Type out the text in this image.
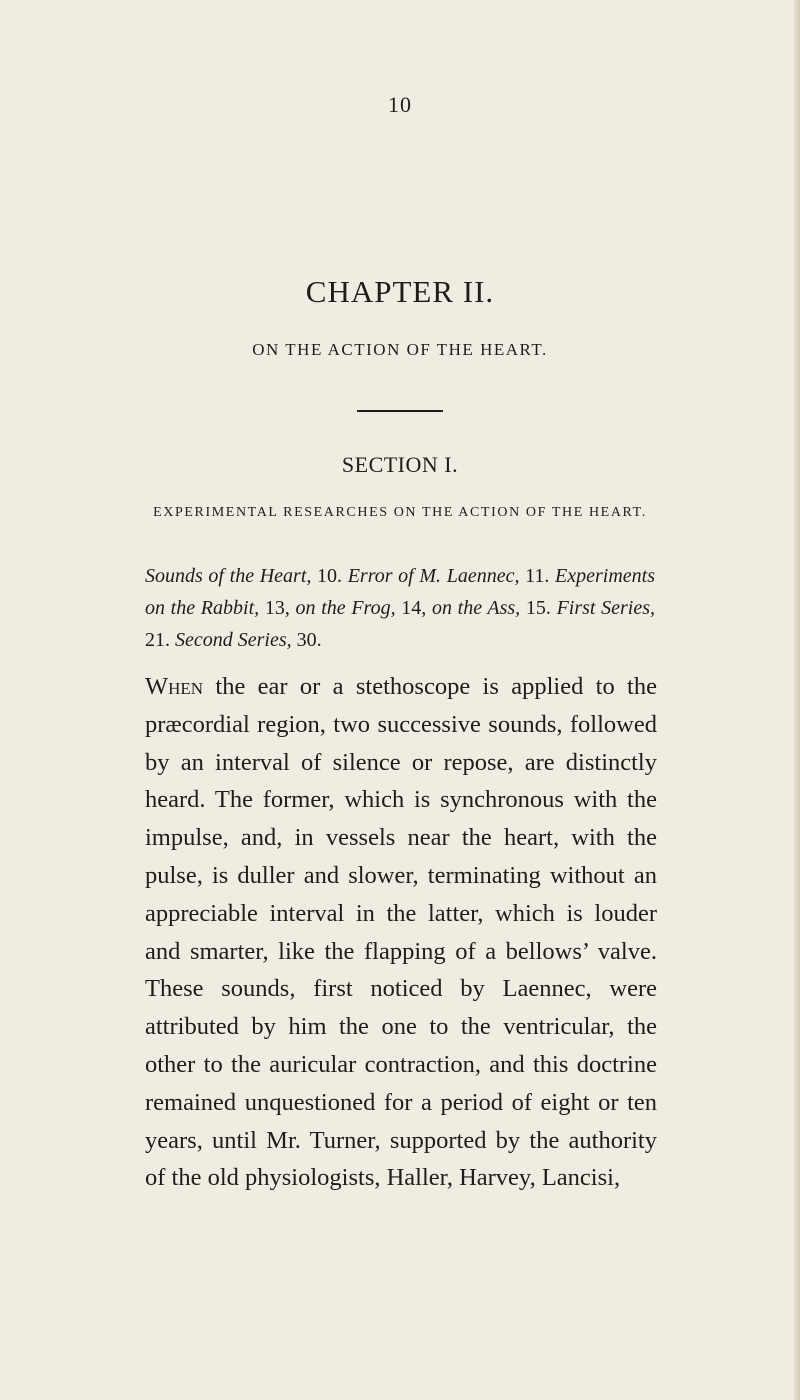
10
CHAPTER II.
ON THE ACTION OF THE HEART.
SECTION I.
EXPERIMENTAL RESEARCHES ON THE ACTION OF THE HEART.
Sounds of the Heart, 10. Error of M. Laennec, 11. Experiments on the Rabbit, 13, on the Frog, 14, on the Ass, 15. First Series, 21. Second Series, 30.
When the ear or a stethoscope is applied to the præcordial region, two successive sounds, followed by an interval of silence or repose, are distinctly heard. The former, which is synchronous with the impulse, and, in vessels near the heart, with the pulse, is duller and slower, terminating without an appreciable interval in the latter, which is louder and smarter, like the flapping of a bellows’ valve. These sounds, first noticed by Laennec, were attributed by him the one to the ventricular, the other to the auricular contraction, and this doctrine remained unquestioned for a period of eight or ten years, until Mr. Turner, supported by the authority of the old physiologists, Haller, Harvey, Lancisi,
